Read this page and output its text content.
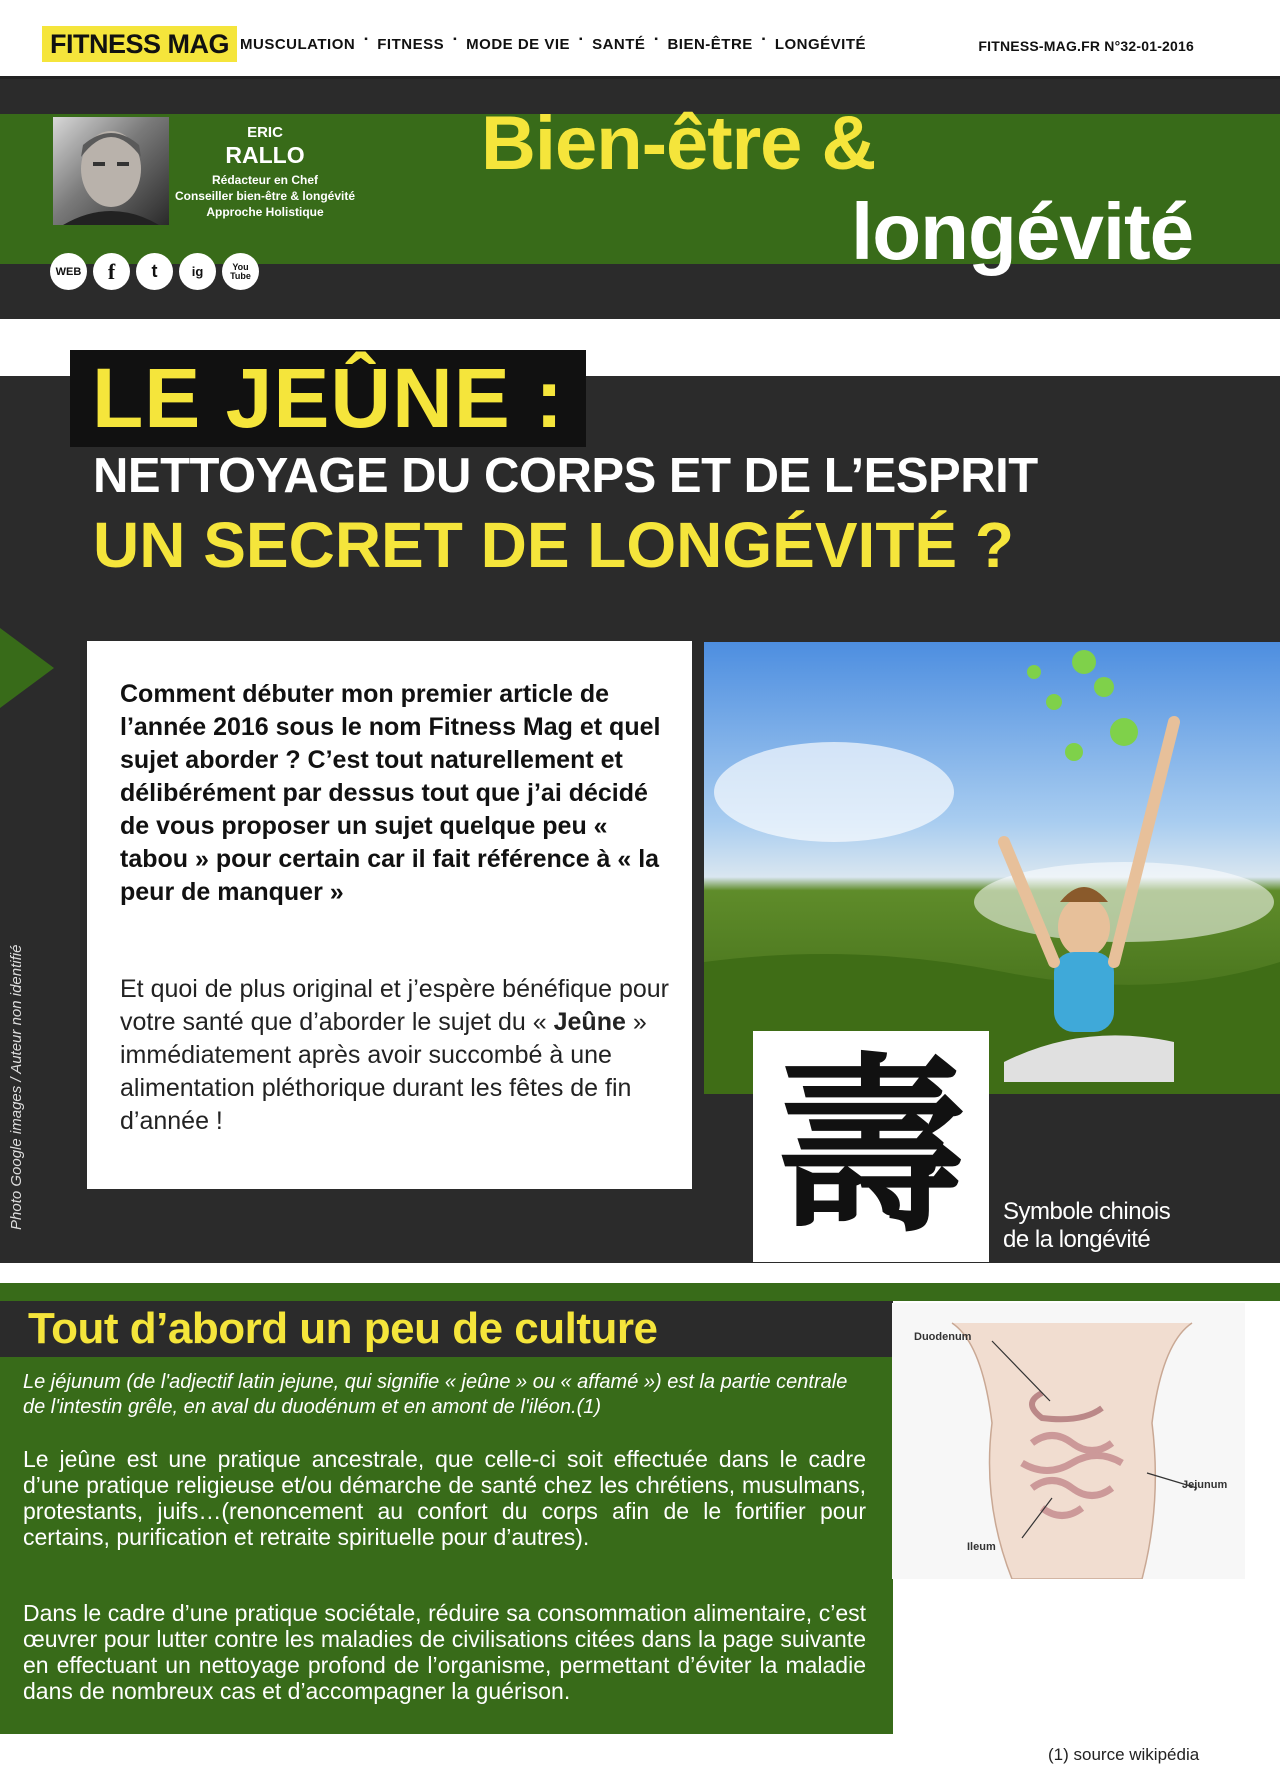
FITNESS MAG MUSCULATION ▪ FITNESS ▪ MODE DE VIE ▪ SANTÉ ▪ BIEN-ÊTRE ▪ LONGÉVITÉ	FITNESS-MAG.FR N°32-01-2016
ERIC
RALLO
Rédacteur en Chef
Conseiller bien-être & longévité
Approche Holistique
WEB	f	t	ig	You Tube
Bien-être &
longévité
LE JEÛNE :
NETTOYAGE DU CORPS ET DE L’ESPRIT
UN SECRET DE LONGÉVITÉ ?
Comment débuter mon premier article de l’année 2016 sous le nom Fitness Mag et quel sujet aborder ? C’est tout naturellement et délibérément par dessus tout que j’ai décidé de vous proposer un sujet quelque peu « tabou » pour certain car il fait référence à « la peur de manquer »
Et quoi de plus original et j’espère bénéfique pour votre santé que d’aborder le sujet du « Jeûne » immédiatement après avoir succombé à une alimentation pléthorique durant les fêtes de fin d’année !	壽 Symbole chinois
de la longévité
Photo Google images / Auteur non identifié
Tout d’abord un peu de culture
Le jéjunum (de l'adjectif latin jejune, qui signifie « jeûne » ou « affamé ») est la partie centrale de l'intestin grêle, en aval du duodénum et en amont de l'iléon.(1)
Le jeûne est une pratique ancestrale, que celle-ci soit effectuée dans le cadre d’une pratique religieuse et/ou démarche de santé chez les chrétiens, musulmans, protestants, juifs…(renoncement au confort du corps afin de le fortifier pour certains, purification et retraite spirituelle pour d’autres).
Dans le cadre d’une pratique sociétale, réduire sa consommation alimentaire, c’est œuvrer pour lutter contre les maladies de civilisations citées dans la page suivante en effectuant un nettoyage profond de l’organisme, permettant d’éviter la maladie dans de nombreux cas et d’accompagner la guérison.
Duodenum
Jejunum
Ileum
(1) source wikipédia
